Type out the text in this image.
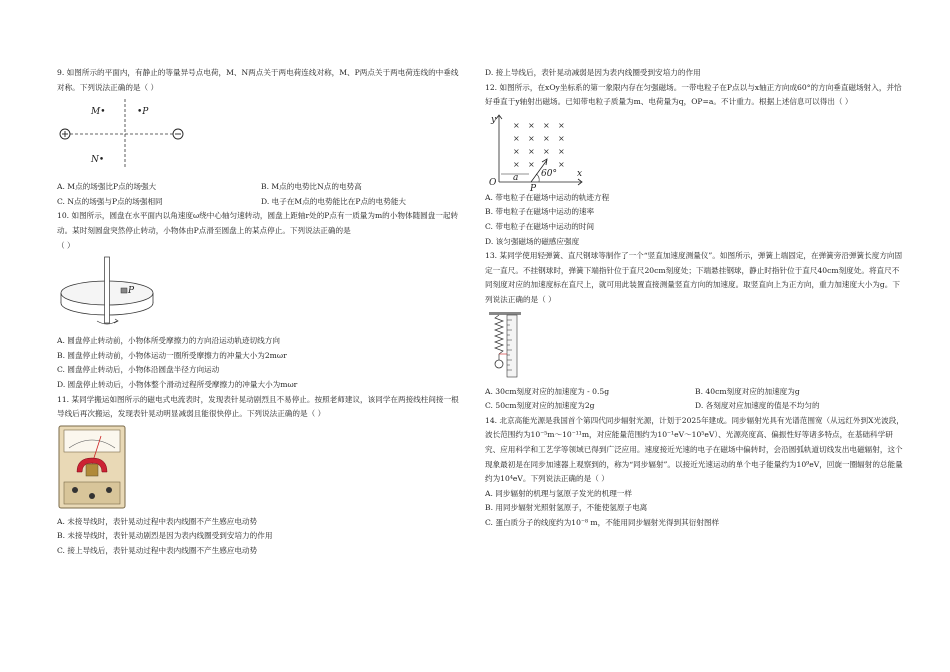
9. 如图所示的平面内，有静止的等量异号点电荷，M、N两点关于两电荷连线对称，M、P两点关于两电荷连线的中垂线对称。下列说法正确的是（ ）

M•	•P
N•

A. M点的场强比P点的场强大	B. M点的电势比N点的电势高

C. N点的场强与P点的场强相同	D. 电子在M点的电势能比在P点的电势能大

10. 如图所示，圆盘在水平面内以角速度ω绕中心轴匀速转动，圆盘上距轴r处的P点有一质量为m的小物体随圆盘一起转动。某时刻圆盘突然停止转动，小物体由P点滑至圆盘上的某点停止。下列说法正确的是

（ ）

P

A. 圆盘停止转动前，小物体所受摩擦力的方向沿运动轨迹切线方向

B. 圆盘停止转动前，小物体运动一圈所受摩擦力的冲量大小为2mωr

C. 圆盘停止转动后，小物体沿圆盘半径方向运动

D. 圆盘停止转动后，小物体整个滑动过程所受摩擦力的冲量大小为mωr

11. 某同学搬运如图所示的磁电式电流表时，发现表针晃动剧烈且不易停止。按照老师建议，该同学在两接线柱间接一根导线后再次搬运，发现表针晃动明显减弱且能很快停止。下列说法正确的是（ ）

A. 未接导线时，表针晃动过程中表内线圈不产生感应电动势

B. 未接导线时，表针晃动剧烈是因为表内线圈受到安培力的作用

C. 接上导线后，表针晃动过程中表内线圈不产生感应电动势

D. 接上导线后，表针晃动减弱是因为表内线圈受到安培力的作用

12. 如图所示，在xOy坐标系的第一象限内存在匀强磁场。一带电粒子在P点以与x轴正方向成60°的方向垂直磁场射入，并恰好垂直于y轴射出磁场。已知带电粒子质量为m、电荷量为q，OP=a。不计重力。根据上述信息可以得出（ ）

y
x
O
× × × ×
× × × ×
× × × ×
× ×	×
60°
a
P

A. 带电粒子在磁场中运动的轨迹方程

B. 带电粒子在磁场中运动的速率

C. 带电粒子在磁场中运动的时间

D. 该匀强磁场的磁感应强度

13. 某同学使用轻弹簧、直尺钢球等制作了一个“竖直加速度测量仪”。如图所示，弹簧上端固定，在弹簧旁沿弹簧长度方向固定一直尺。不挂钢球时，弹簧下端指针位于直尺20cm刻度处；下端悬挂钢球，静止时指针位于直尺40cm刻度处。将直尺不同刻度对应的加速度标在直尺上，就可用此装置直接测量竖直方向的加速度。取竖直向上为正方向，重力加速度大小为g。下列说法正确的是（ ）

A. 30cm刻度对应的加速度为 - 0.5g	B. 40cm刻度对应的加速度为g

C. 50cm刻度对应的加速度为2g	D. 各刻度对应加速度的值是不均匀的

14. 北京高能光源是我国首个第四代同步辐射光源，计划于2025年建成。同步辐射光具有光谱范围宽（从远红外到X光波段，波长范围约为10⁻⁵m～10⁻¹¹m，对应能量范围约为10⁻¹eV～10⁵eV）、光源亮度高、偏振性好等诸多特点，在基础科学研究、应用科学和工艺学等领域已得到广泛应用。速度接近光速的电子在磁场中偏转时，会沿圆弧轨道切线发出电磁辐射，这个现象最初是在同步加速器上观察到的，称为“同步辐射”。以接近光速运动的单个电子能量约为10⁹eV，回旋一圈辐射的总能量约为10⁴eV。下列说法正确的是（ ）

A. 同步辐射的机理与氢原子发光的机理一样

B. 用同步辐射光照射氢原子，不能使氢原子电离

C. 蛋白质分子的线度约为10⁻⁸ m，不能用同步辐射光得到其衍射图样
